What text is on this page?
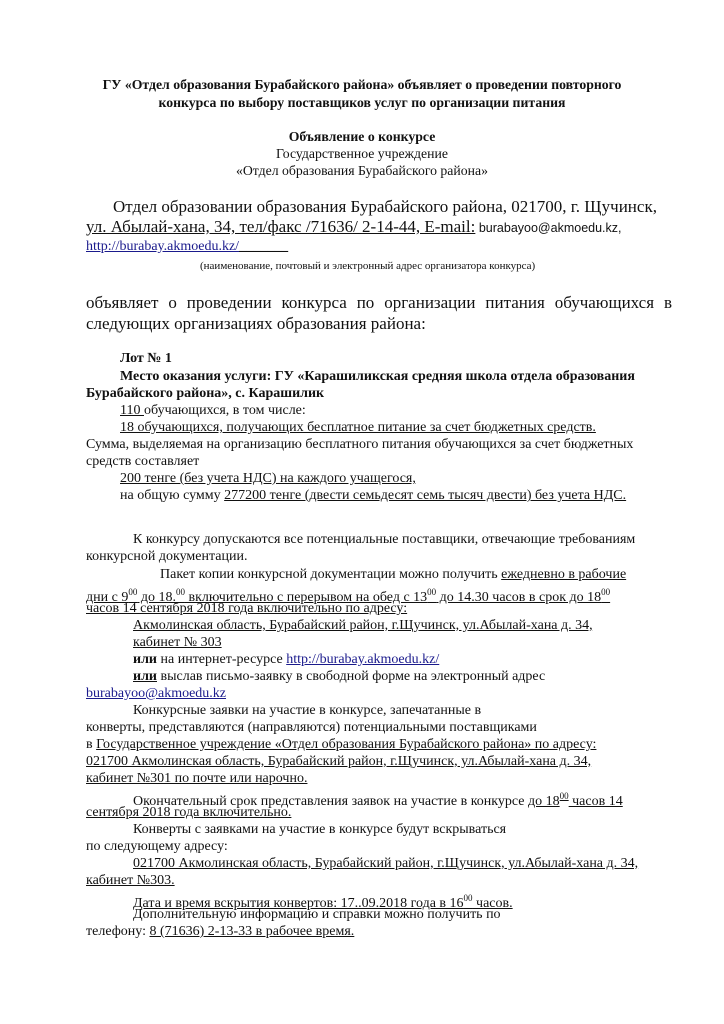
ГУ «Отдел образования Бурабайского района» объявляет о проведении повторного
конкурса по выбору поставщиков услуг по организации питания
Объявление о конкурсе
Государственное учреждение
«Отдел образования Бурабайского района»
Отдел образовании образования Бурабайского района, 021700, г. Щучинск,
ул. Абылай-хана, 34, тел/факс /71636/ 2-14-44, E-mail: burabayoo@akmoedu.kz,
http://burabay.akmoedu.kz/_______
(наименование, почтовый и электронный адрес организатора конкурса)
объявляет о проведении конкурса по организации питания обучающихся в
следующих организациях образования района:
Лот № 1
Место оказания услуги: ГУ «Карашиликская средняя школа отдела образования
Бурабайского района», с. Карашилик
110 обучающихся, в том числе:
18 обучающихся, получающих бесплатное питание за счет бюджетных средств.
Сумма, выделяемая на организацию бесплатного питания обучающихся за счет бюджетных
средств составляет
200 тенге (без учета НДС) на каждого учащегося,
на общую сумму 277200 тенге (двести семьдесят семь тысяч двести) без учета НДС.
К конкурсу допускаются все потенциальные поставщики, отвечающие требованиям
конкурсной документации.
Пакет копии конкурсной документации можно получить ежедневно в рабочие
дни с $9^{00}$ до 18.00 включительно с перерывом на обед с $13^{00}$ до 14.30 часов в срок до $18^{00}$
часов 14 сентября 2018 года включительно по адресу:
Акмолинская область, Бурабайский район, г.Щучинск, ул.Абылай-хана д. 34,
кабинет № 303
или на интернет-ресурсе http://burabay.akmoedu.kz/
или выслав письмо-заявку в свободной форме на электронный адрес
burabayoo@akmoedu.kz
Конкурсные заявки на участие в конкурсе, запечатанные в
конверты, представляются (направляются) потенциальными поставщиками
в Государственное учреждение «Отдел образования Бурабайского района» по адресу:
021700 Акмолинская область, Бурабайский район, г.Щучинск, ул.Абылай-хана д. 34,
кабинет №301 по почте или нарочно.
Окончательный срок представления заявок на участие в конкурсе до $18^{00}$ часов 14
сентября 2018 года включительно.
Конверты с заявками на участие в конкурсе будут вскрываться
по следующему адресу:
021700 Акмолинская область, Бурабайский район, г.Щучинск, ул.Абылай-хана д. 34,
кабинет №303.
Дата и время вскрытия конвертов: 17..09.2018 года в $16^{00}$ часов.
Дополнительную информацию и справки можно получить по
телефону: 8 (71636) 2-13-33 в рабочее время.
